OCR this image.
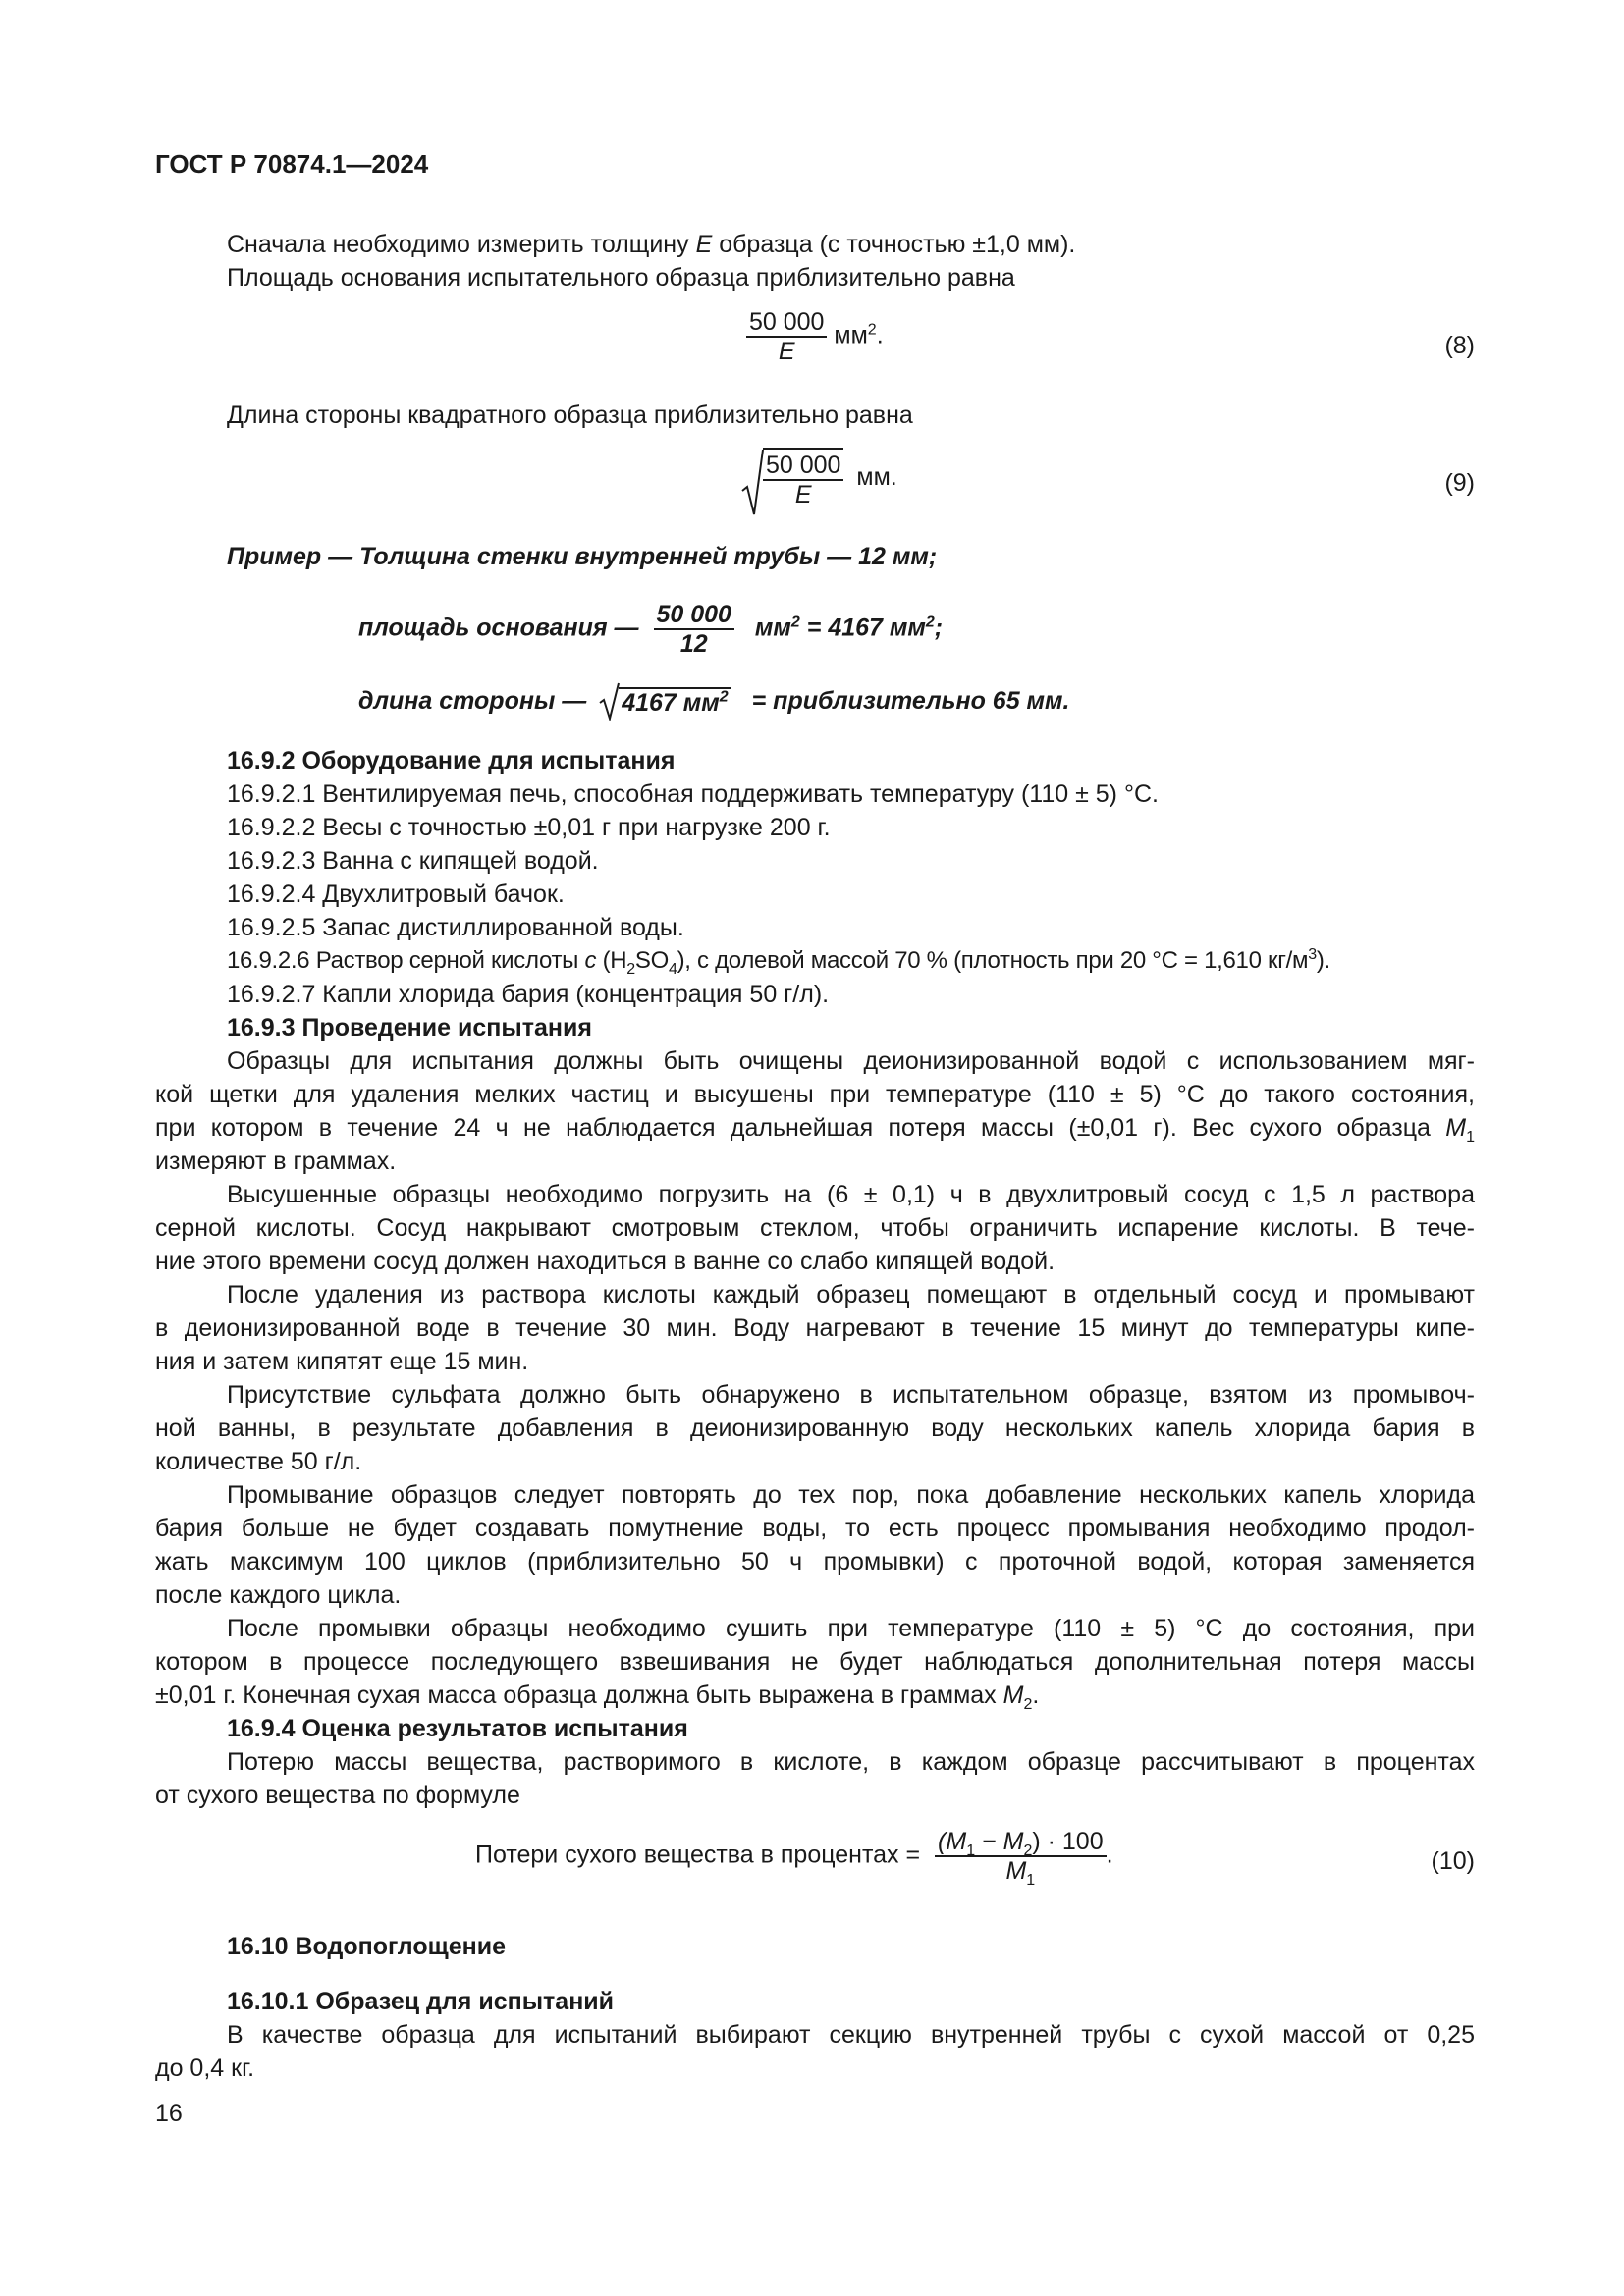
ГОСТ Р 70874.1—2024
Сначала необходимо измерить толщину E образца (с точностью ±1,0 мм).
Площадь основания испытательного образца приблизительно равна
$\frac{50 000}{E} мм^2$.	(8)
Длина стороны квадратного образца приблизительно равна
$\frac{50 000}{E}$ мм.	(9)
Пример — Толщина стенки внутренней трубы — 12 мм;
площадь основания — $\frac{50 000}{12} мм^2 = 4167$ $мм^2$;
длина стороны — 4167 $мм^2$ = приблизительно 65 мм.
16.9.2 Оборудование для испытания
16.9.2.1 Вентилируемая печь, способная поддерживать температуру (110 ± 5) °С.
16.9.2.2 Весы с точностью ±0,01 г при нагрузке 200 г.
16.9.2.3 Ванна с кипящей водой.
16.9.2.4 Двухлитровый бачок.
16.9.2.5 Запас дистиллированной воды.
16.9.2.6 Раствор серной кислоты c $(H_2SO_4)$, с долевой массой 70 % (плотность при 20 °С = 1,610 $кг/м^3$).
16.9.2.7 Капли хлорида бария (концентрация 50 г/л).
16.9.3 Проведение испытания
Образцы для испытания должны быть очищены деионизированной водой с использованием мяг-
кой щетки для удаления мелких частиц и высушены при температуре (110 ± 5) °С до такого состояния,
при котором в течение 24 ч не наблюдается дальнейшая потеря массы (±0,01 г). Вес сухого образца $M_1$
измеряют в граммах.
Высушенные образцы необходимо погрузить на (6 ± 0,1) ч в двухлитровый сосуд с 1,5 л раствора
серной кислоты. Сосуд накрывают смотровым стеклом, чтобы ограничить испарение кислоты. В тече-
ние этого времени сосуд должен находиться в ванне со слабо кипящей водой.
После удаления из раствора кислоты каждый образец помещают в отдельный сосуд и промывают
в деионизированной воде в течение 30 мин. Воду нагревают в течение 15 минут до температуры кипе-
ния и затем кипятят еще 15 мин.
Присутствие сульфата должно быть обнаружено в испытательном образце, взятом из промывоч-
ной ванны, в результате добавления в деионизированную воду нескольких капель хлорида бария в
количестве 50 г/л.
Промывание образцов следует повторять до тех пор, пока добавление нескольких капель хлорида
бария больше не будет создавать помутнение воды, то есть процесс промывания необходимо продол-
жать максимум 100 циклов (приблизительно 50 ч промывки) с проточной водой, которая заменяется
после каждого цикла.
После промывки образцы необходимо сушить при температуре (110 ± 5) °С до состояния, при
котором в процессе последующего взвешивания не будет наблюдаться дополнительная потеря массы
±0,01 г. Конечная сухая масса образца должна быть выражена в граммах $M_2$.
16.9.4 Оценка результатов испытания
Потерю массы вещества, растворимого в кислоте, в каждом образце рассчитывают в процентах
от сухого вещества по формуле
Потери сухого вещества в процентах = $\frac{(M_1 - M_2) \cdot 100}{M_1}$ .	(10)
16.10 Водопоглощение
16.10.1 Образец для испытаний
В качестве образца для испытаний выбирают секцию внутренней трубы с сухой массой от 0,25
до 0,4 кг.
16
